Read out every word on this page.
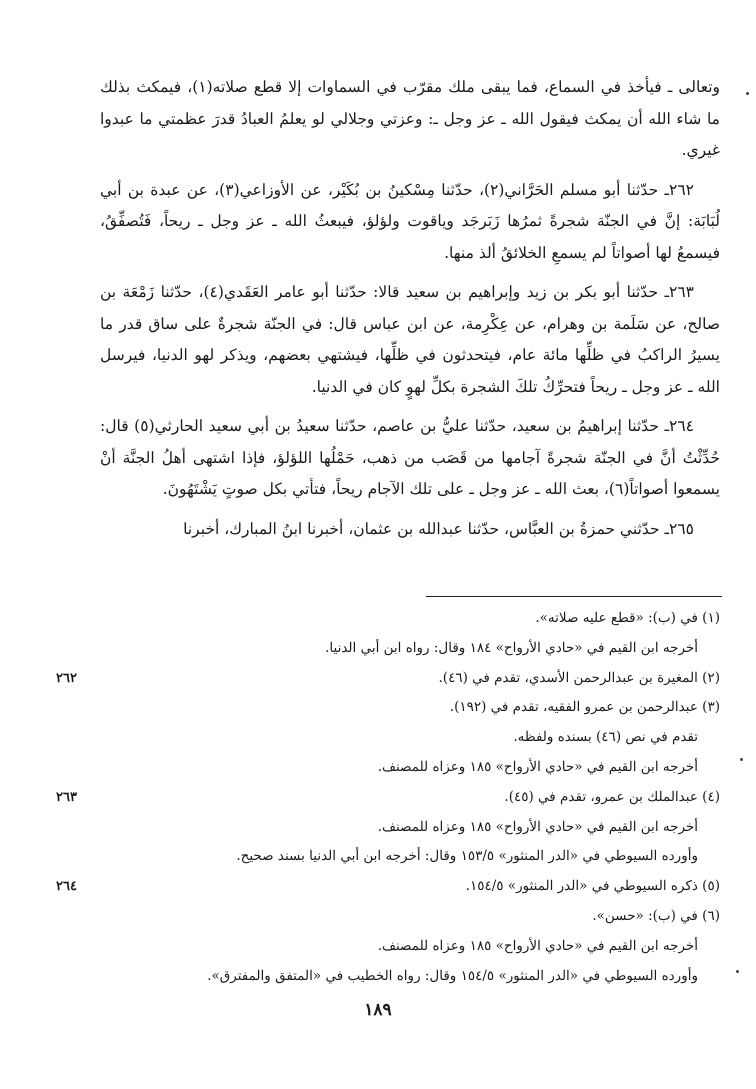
وتعالى ـ فيأخذ في السماع، فما يبقى ملك مقرّب في السماوات إلا قطع صلاته(١)، فيمكث بذلك ما شاء الله أن يمكث فيقول الله ـ عز وجل ـ: وعزتي وجلالي لو يعلمُ العبادُ قدرَ عظمتي ما عبدوا غيري.

٢٦٢ـ حدّثنا أبو مسلم الحَرَّاني(٢)، حدّثنا مِسْكينُ بن بُكَيْر، عن الأوزاعي(٣)، عن عبدة بن أبي لُبَابَة: إنَّ في الجنّة شجرةً ثمرُها زَبَرجَد وياقوت ولؤلؤ، فيبعثُ الله ـ عز وجل ـ ريحاً، فَتُصفِّقُ، فيسمعُ لها أصواتاً لم يسمعِ الخلائقُ ألذ منها.

٢٦٣ـ حدّثنا أبو بكر بن زيد وإبراهيم بن سعيد قالا: حدّثنا أبو عامر العَقَدي(٤)، حدّثنا زَمْعَة بن صالح، عن سَلَمة بن وهرام، عن عِكْرِمة، عن ابن عباس قال: في الجنّة شجرةٌ على ساق قدر ما يسيرُ الراكبُ في ظلِّها مائة عام، فيتحدثون في ظلِّها، فيشتهي بعضهم، ويذكر لهو الدنيا، فيرسل الله ـ عز وجل ـ ريحاً فتحرِّكُ تلكَ الشجرة بكلِّ لهوٍ كان في الدنيا.

٢٦٤ـ حدّثنا إبراهيمُ بن سعيد، حدّثنا عليُّ بن عاصم، حدّثنا سعيدُ بن أبي سعيد الحارثي(٥) قال: حُدِّثْتُ أنَّ في الجنّة شجرةً آجامها من قَصَب من ذهب، حَمْلُها اللؤلؤ، فإذا اشتهى أهلُ الجنَّة أنْ يسمعوا أصواتاً(٦)، بعث الله ـ عز وجل ـ على تلك الآجام ريحاً، فتأتي بكل صوتٍ يَشْتَهُونَ.

٢٦٥ـ حدّثني حمزةُ بن العبَّاس، حدّثنا عبدالله بن عثمان، أخبرنا ابنُ المبارك، أخبرنا

(١) في (ب): «قطع عليه صلاته».
أخرجه ابن القيم في «حادي الأرواح» ١٨٤ وقال: رواه ابن أبي الدنيا.
(٢) المغيرة بن عبدالرحمن الأسدي، تقدم في (٤٦).
٢٦٢
(٣) عبدالرحمن بن عمرو الفقيه، تقدم في (١٩٢).
تقدم في نص (٤٦) بسنده ولفظه.
أخرجه ابن القيم في «حادي الأرواح» ١٨٥ وعزاه للمصنف.
(٤) عبدالملك بن عمرو، تقدم في (٤٥).
٢٦٣
أخرجه ابن القيم في «حادي الأرواح» ١٨٥ وعزاه للمصنف.
وأورده السيوطي في «الدر المنثور» ١٥٣/٥ وقال: أخرجه ابن أبي الدنيا بسند صحيح.
(٥) ذكره السيوطي في «الدر المنثور» ١٥٤/٥.
٢٦٤
(٦) في (ب): «حسن».
أخرجه ابن القيم في «حادي الأرواح» ١٨٥ وعزاه للمصنف.
وأورده السيوطي في «الدر المنثور» ١٥٤/٥ وقال: رواه الخطيب في «المتفق والمفترق».
١٨٩
